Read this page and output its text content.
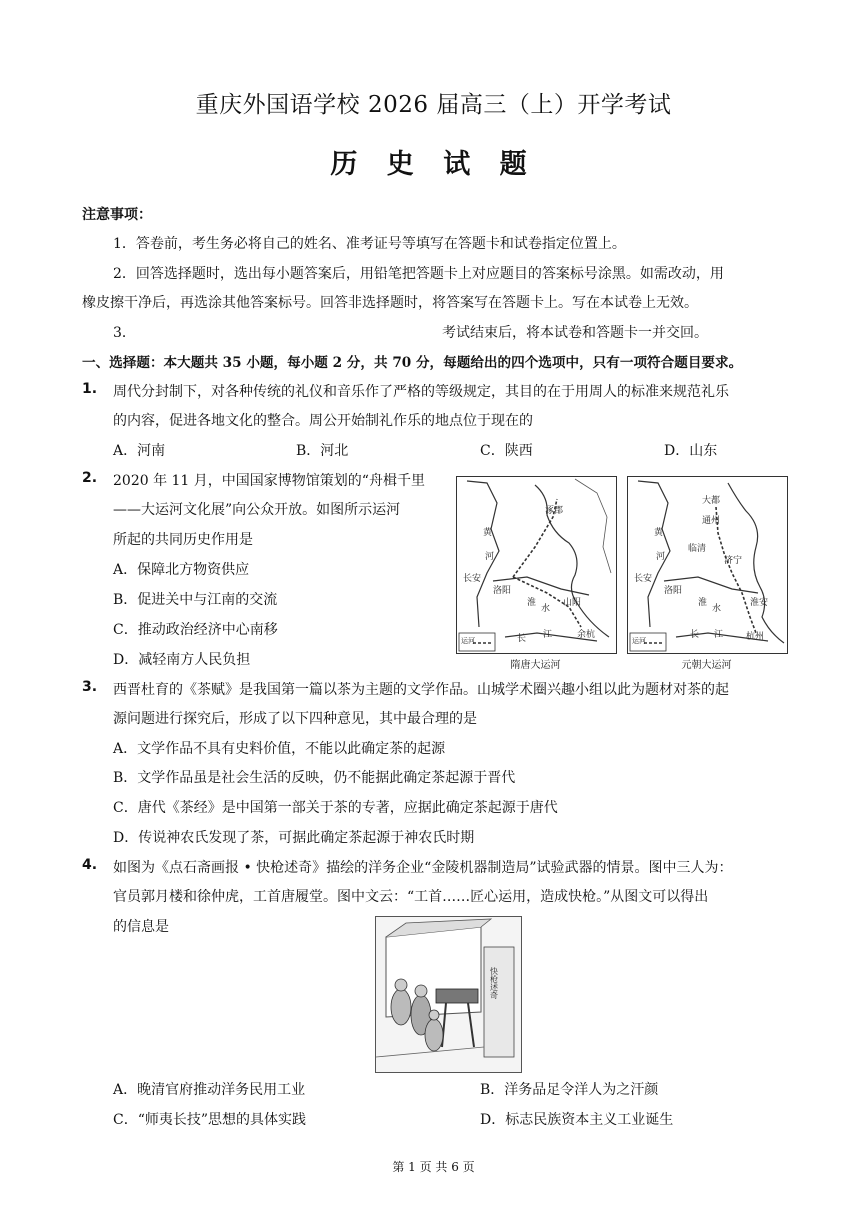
重庆外国语学校 2026 届高三（上）开学考试
历 史 试 题
注意事项：
1．答卷前，考生务必将自己的姓名、准考证号等填写在答题卡和试卷指定位置上。
2．回答选择题时，选出每小题答案后，用铅笔把答题卡上对应题目的答案标号涂黑。如需改动，用
橡皮擦干净后，再选涂其他答案标号。回答非选择题时，将答案写在答题卡上。写在本试卷上无效。
3．	考试结束后，将本试卷和答题卡一并交回。
一、选择题：本大题共 35 小题，每小题 2 分，共 70 分，每题给出的四个选项中，只有一项符合题目要求。
1. 周代分封制下，对各种传统的礼仪和音乐作了严格的等级规定，其目的在于用周人的标准来规范礼乐
的内容，促进各地文化的整合。周公开始制礼作乐的地点位于现在的
A．河南	B．河北	C．陕西	D．山东
2. 2020 年 11 月，中国国家博物馆策划的“舟楫千里
——大运河文化展”向公众开放。如图所示运河
所起的共同历史作用是
A．保障北方物资供应
B．促进关中与江南的交流
C．推动政治经济中心南移
D．减轻南方人民负担
涿郡
黄
河
长安
洛阳
淮
水
山阳
长 江	余杭
运河
隋唐大运河
大都
通州
黄
河
临清
济宁
长安
洛阳
淮
水
长 江	杭州
淮安
运河
元朝大运河
3. 西晋杜育的《茶赋》是我国第一篇以茶为主题的文学作品。山城学术圈兴趣小组以此为题材对茶的起
源问题进行探究后，形成了以下四种意见，其中最合理的是
A．文学作品不具有史料价值，不能以此确定茶的起源
B．文学作品虽是社会生活的反映，仍不能据此确定茶起源于晋代
C．唐代《茶经》是中国第一部关于茶的专著，应据此确定茶起源于唐代
D．传说神农氏发现了茶，可据此确定茶起源于神农氏时期
4. 如图为《点石斋画报 • 快枪述奇》描绘的洋务企业“金陵机器制造局”试验武器的情景。图中三人为：
官员郭月楼和徐仲虎，工首唐履堂。图中文云：“工首……匠心运用，造成快枪。”从图文可以得出
的信息是
快枪述奇
A．晚清官府推动洋务民用工业	B．洋务品足令洋人为之汗颜
C．“师夷长技”思想的具体实践	D．标志民族资本主义工业诞生
第 1 页 共 6 页
